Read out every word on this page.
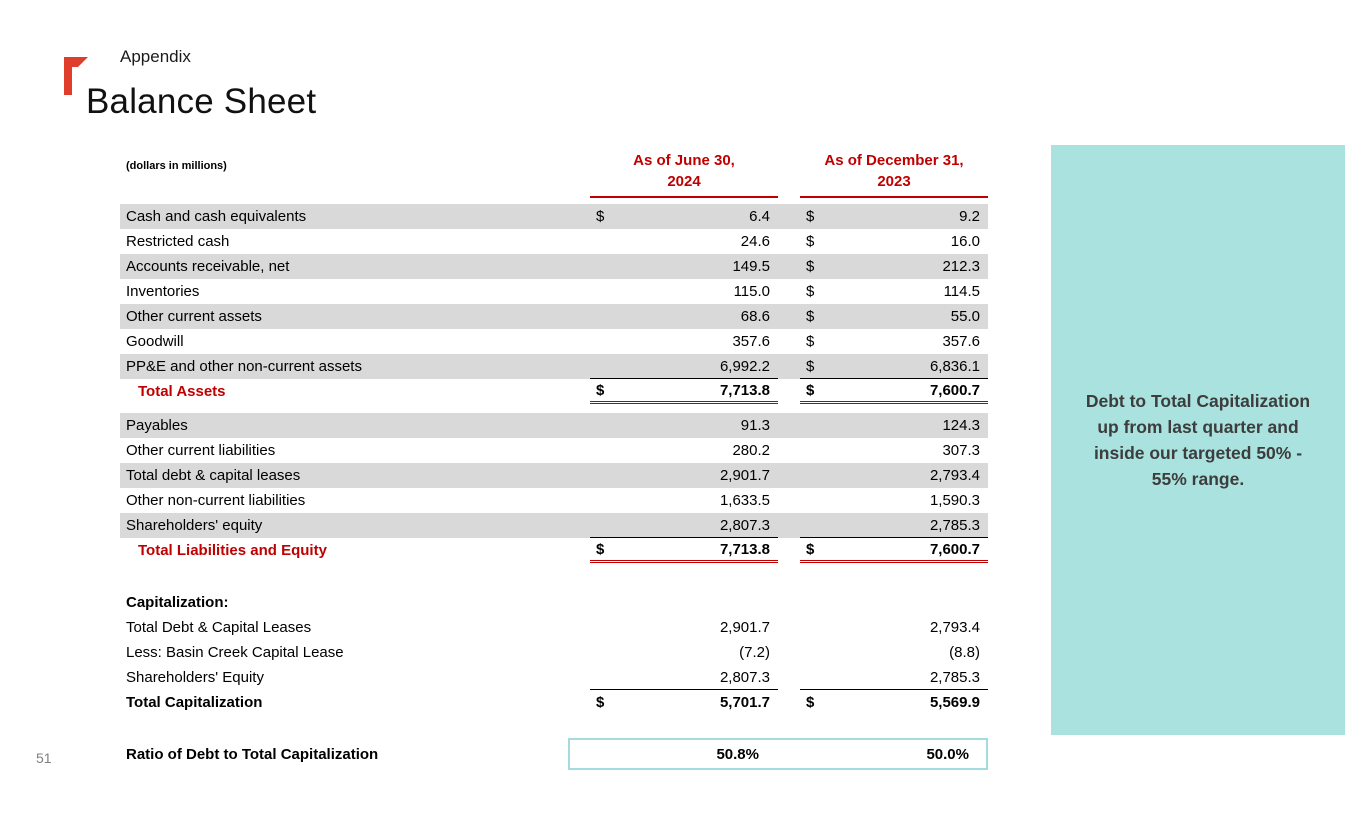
Appendix
Balance Sheet
(dollars in millions)	As of June 30,
2024
As of December 31,
2023
Cash and cash equivalents	$	6.4 $	9.2
Restricted cash	24.6 $	16.0
Accounts receivable, net	149.5 $	212.3
Inventories	115.0 $	114.5
Other current assets	68.6 $	55.0
Goodwill	357.6 $	357.6
PP&E and other non-current assets	6,992.2 $	6,836.1
Total Assets	$	7,713.8 $	7,600.7
Payables	91.3	124.3
Other current liabilities	280.2	307.3
Total debt & capital leases	2,901.7	2,793.4
Other non-current liabilities	1,633.5	1,590.3
Shareholders' equity	2,807.3	2,785.3
Total Liabilities and Equity	$	7,713.8 $	7,600.7
Capitalization:
Total Debt & Capital Leases	2,901.7	2,793.4
Less: Basin Creek Capital Lease	(7.2)	(8.8)
Shareholders' Equity	2,807.3	2,785.3
Total Capitalization	$	5,701.7 $	5,569.9
Ratio of Debt to Total Capitalization	50.8%	50.0%

Debt to Total Capitalization up from last quarter and inside our targeted 50% - 55% range.

51
